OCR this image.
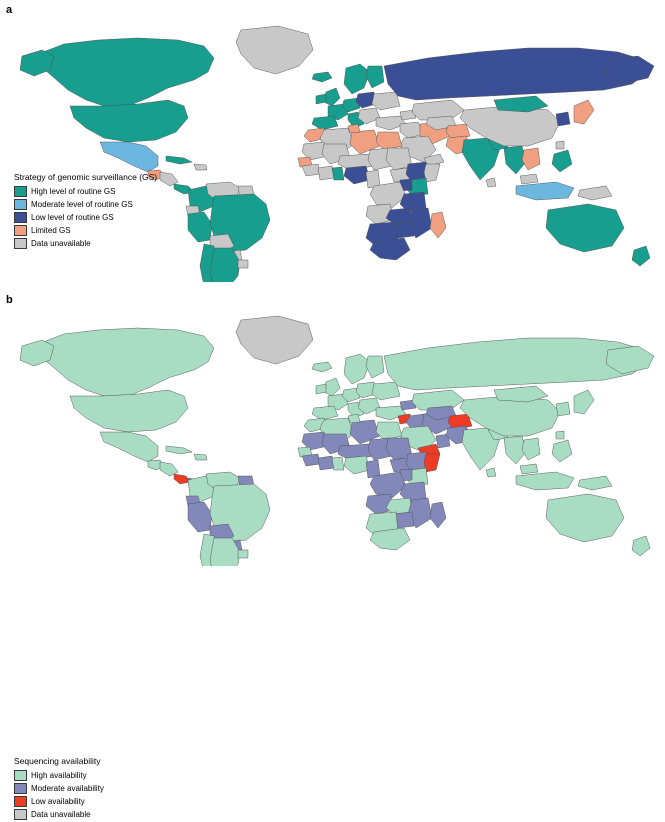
a
Strategy of genomic surveillance (GS)
High level of routine GS
Moderate level of routine GS
Low level of routine GS
Limited GS
Data unavailable
b
Sequencing availability
High availability
Moderate availability
Low availability
Data unavailable
